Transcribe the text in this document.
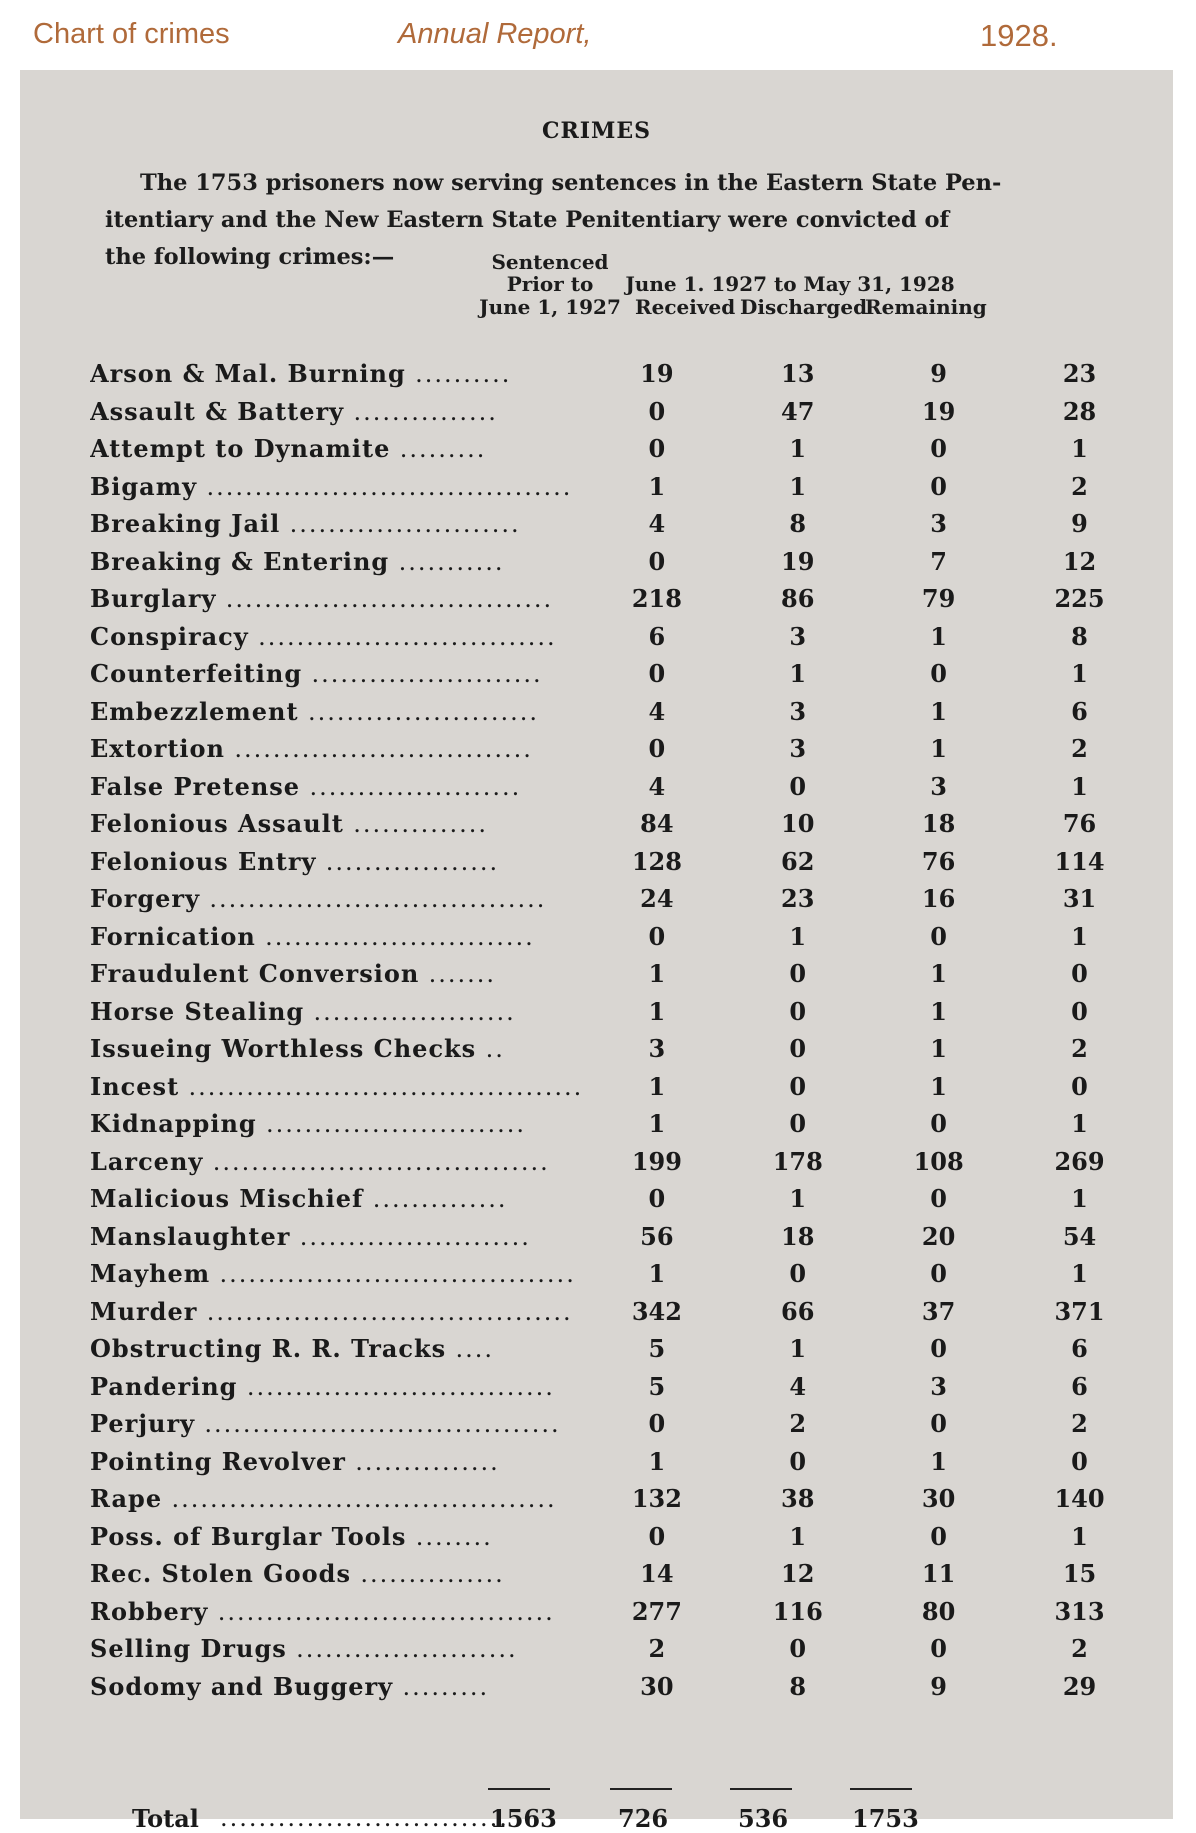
Chart of crimes	Annual Report,	1928.
CRIMES
The 1753 prisoners now serving sentences in the Eastern State Pen-
itentiary and the New Eastern State Penitentiary were convicted of
the following crimes:—	Sentenced
Prior to
June 1, 1927
June 1. 1927 to May 31, 1928
Received Discharged
Remaining
Arson & Mal. Burning ..........	19	13	9	23
Assault & Battery ...............	0	47	19	28
Attempt to Dynamite .........	0	1	0	1
Bigamy ......................................	1	1	0	2
Breaking Jail ........................	4	8	3	9
Breaking & Entering ...........	0	19	7	12
Burglary ..................................	218	86	79	225
Conspiracy ...............................	6	3	1	8
Counterfeiting ........................	0	1	0	1
Embezzlement ........................	4	3	1	6
Extortion ...............................	0	3	1	2
False Pretense ......................	4	0	3	1
Felonious Assault ..............	84	10	18	76
Felonious Entry ..................	128	62	76	114
Forgery ...................................	24	23	16	31
Fornication ............................	0	1	0	1
Fraudulent Conversion .......	1	0	1	0
Horse Stealing .....................	1	0	1	0
Issueing Worthless Checks ..	3	0	1	2
Incest .........................................	1	0	1	0
Kidnapping ...........................	1	0	0	1
Larceny ...................................	199	178	108	269
Malicious Mischief ..............	0	1	0	1
Manslaughter ........................	56	18	20	54
Mayhem .....................................	1	0	0	1
Murder ......................................	342	66	37	371
Obstructing R. R. Tracks ....	5	1	0	6
Pandering ................................	5	4	3	6
Perjury .....................................	0	2	0	2
Pointing Revolver ...............	1	0	1	0
Rape ........................................	132	38	30	140
Poss. of Burglar Tools ........	0	1	0	1
Rec. Stolen Goods ...............	14	12	11	15
Robbery ...................................	277	116	80	313
Selling Drugs .......................	2	0	0	2
Sodomy and Buggery .........	30	8	9	29
Total ..............................
1563	726	536	1753
